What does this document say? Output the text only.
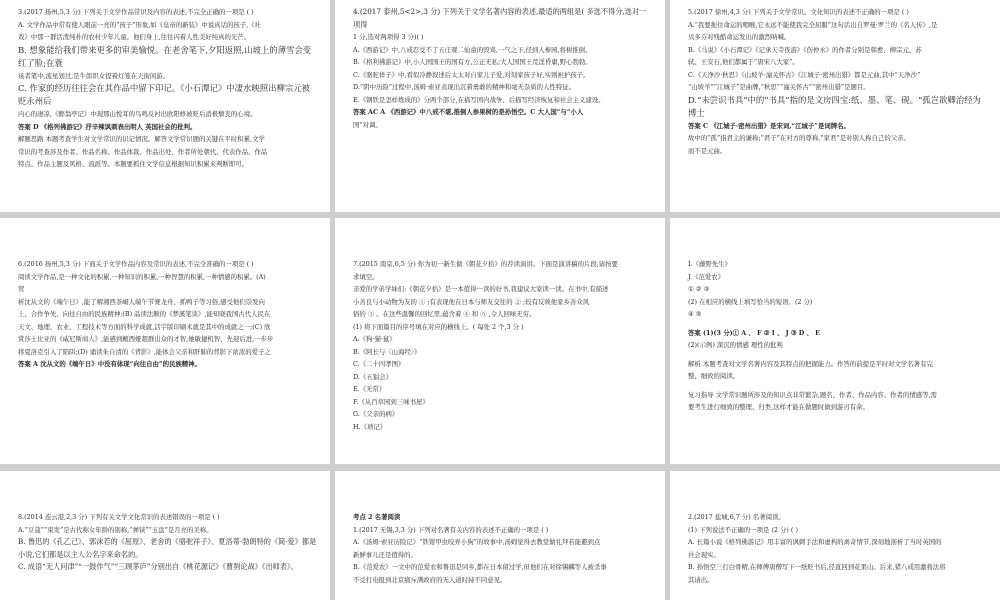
3.(2017 扬州,5,3 分) 下列关于文学作品常识及内容的表述,不完全正确的一项是 ( )

A. 文学作品中常有使人眼前一亮的“孩子”形象,如《皇帝的新装》中说真话的孩子,《社

戏》中那一群活泼纯朴的农村少年儿童。他们身上,往往闪着人性美好纯真的光芒。

B. 想象能给我们带来更多的审美愉悦。在老舍笔下,夕阳返照,山坡上的薄雪会变红了脸;在蓑

该者笔中,流星划过,是牛郎织女提着灯笼在天街闲游。

C. 作家的经历往往会在其作品中留下印记。《小石潭记》中凄水映照出柳宗元被贬永州后

内心的凄凉,《醉翁亭记》中现那山悦耳的鸟鸣反衬出欧阳修被贬后消极颓丧的心境。

答案 D 《格列佛游记》抒辛辣讽刺表出明人 英国社会的批判。

解题思路 本题考查学生对文学常识的识记情况。解答文学常识题的关键在平时积累,文学

常识的考查涉及作者、作品名称、作品体裁、作品出处、作者所处朝代、代表作品、作品

特点、作品主题及风格、流派等。本题要抓住文学信息根据知识积累来判断即可。

4.(2017 泰州,5<2>,3 分) 下列关于文学名著内容的表述,最适的两组是( 多选不得分,选对一项得

1 分,选对两项得 3 分)( )

A.《西游记》中,八戒忍受不了五庄观二仙童的毁骂,一气之下,径到人参园,将树推倒。

B.《格利佛游记》中,小人国国王的国有方,公正无私;大人国国王荒淫昏庸,野心勃勃。

C.《骆驼祥子》中,看似冷静叙述后太太对自家儿子爱,对刻家孩子好,实则袒护孩子。

D.“阴中历险”过程中,汤姆·索亚表现出沉着勇敢的精神和毫无杂质的人性特征。

E.《钢铁是怎样炼成的》分两个部分,在描写国内战争、后描写经济恢复和社会主义建设。

答案 AC A 《西游记》中八戒不堪,推倒人参果树的是孙悟空。C 大人国“与“小人

国”对调。

5.(2017 徐州,4,3 分) 下列关于文学常识、文化知识的表述不正确的一项是 ( )

A.“我要扼住命运的咽喉,它永远不能使我完全屈服”这句话出自罗曼·罗兰的《名人传》,是

贝多芬对残酷命运发出的激烈呐喊。

B.《马说》《小石潭记》《记承天寺夜游》《伤仲永》的作者分别是韩愈、柳宗元、苏

轼、王安石,他们都属于“唐宋八大家”。

C.《天净沙·秋思》《山坡羊·潼关怀古》《江城子·密州出猎》都是元曲,其中“天净沙”

“山坡羊”“江城子”是曲牌,“秋思”“潼关怀古”“密州出猎”是题目。

D.“未尝识书具”中的“书具”指的是文房四宝:纸、墨、笔、砚。“孤岂欲卿治经为博士

答案 C 《江城子·密州出猎》是宋词,“江城子”是词牌名。

故中的“孤”指君主的谦称;“君子”在对方的尊称,“家君”是对别人称自己的父亲。

而不是元曲。

6.(2016 扬州,5,3 分) 下面关于文学作品内容及常识的表述,不完全准确的一项是 ( )

阅读文学作品,是一种文化的积累,一种知识的积累,一种智慧的积累,一种情感的积累。(A)

贸

析沈从文的《端午日》,能了解湘西茶峒人端午节赛龙舟、抓鸭子等习俗,感受他们崇发向

上、合作争先、向往自由的民族精神;(B) 品读法顺的《梦溪笔谈》,能知晓我国古代人民在

天文、地理、农业、工程技术等方面的科学成就,活字版印刷术就是其中的成就之一;(C) 欣

赏莎士比亚的《威尼斯商人》,能感到鲍西娅超群出众的才智,她敏捷机智、先迎后进,一步步

将夏洛克引入了陷阱;(D) 诵读朱自清的《背影》,能体会父亲和肝肺的背影下浓浓的爱子之

答案 A 沈从文的《端午日》中没有体现“向往自由”的民族精神。

7.(2015 南京,6,5 分) 你为初一新生做《朝花夕拾》的荐读演讲。下面是演讲稿的片段,请按要

求填空。

亲爱的学弟学妹们:《朝花夕拾》是一本值得一读的好书,我建议大家读一读。在书中,有描述

小善良与小动物为友的 ① ;有表现他在日本与师友交往的 ② ;较有反映他家乡善众风

俗的 ③ 。在这些温馨的回忆里,蕴含着 ④ 和 ⑤ ,令人回味无穷。

(1) 将下面篇目的序号填在对应的横线上。( 每处 2 个,3 分 )

A.《狗·猫·鼠》

B.《阿长与〈山海经〉》

C.《二十四孝图》

D.《五猖会》

E.《无常》

F.《从百草园到三味书屋》

G.《父亲的病》

H.《琐记》

I.《藤野先生》

J.《范爱农》

① ② ③

(2) 在相应的横线上填写恰当的短语。(2 分)

④ ⑤

答案 (1)(3 分)① A 、 F ② I 、 J ③ D 、 E

(2)(示例) 深沉的情感 理性的批判

解析 本题考查对文学名著内容及其特点的把握能力。作答的前提是平时对文学名著有完

整、细致的阅读。

复习指导 文学常识题所涉及的知识点非常繁杂,题名、作者、作品内容、作者的情感等,需

要考生进行细致的整理、归类,这样才能在做题时做到游刃有余。

8.(2014 连云港,2,3 分) 下列有关文学文化常识的表述错误的一项是 ( )

A.“豆蔻”“束发”是古代称女年龄的别称,“弹铗”“玉盘”是月亮的美称。

B. 鲁迅的《孔乙己》、郭沫若的《屈原》、老舍的《骆驼祥子》、夏洛蒂·勃朗特的《简·爱》都是小说,它们都是以主人公名字来命名的。

C. 成语“无人问津”“一鼓作气”“三顾茅庐”分别出自《桃花源记》《曹刿论战》《出师表》。

考点 2 名著阅读

1.(2017 无锡,3,3 分) 下列对名著有关内容的表述不正确的一项是 ( )

A.《汤姆·索亚历险记》“铁钳甲虫咬弄小狗”的故事中,汤姆觉得去教堂做礼拜若能避到点

新鲜事儿还是值得的。

B.《范爱农》一文中的范爱农和鲁迅是同乡,都在日本留过学,但他们在对徐锡麟等人被杀事

不受打电报到北京痛斥满政府的无人道时持不同意见。

2.(2017 盐城,6,7 分) 名著阅读。

(1) 下列说法不正确的一项是 (2 分) ( )

A. 长篇小说《格列佛游记》用丰富的讽刺手法和虚构的离奇情节,深刻地剖析了当时英国的

社会现实。

B. 孙悟空三打白骨精,在师傅唐僧写下一纸贬书后,径直回到花果山。后来,猪八戒用激将法将

其请出。
